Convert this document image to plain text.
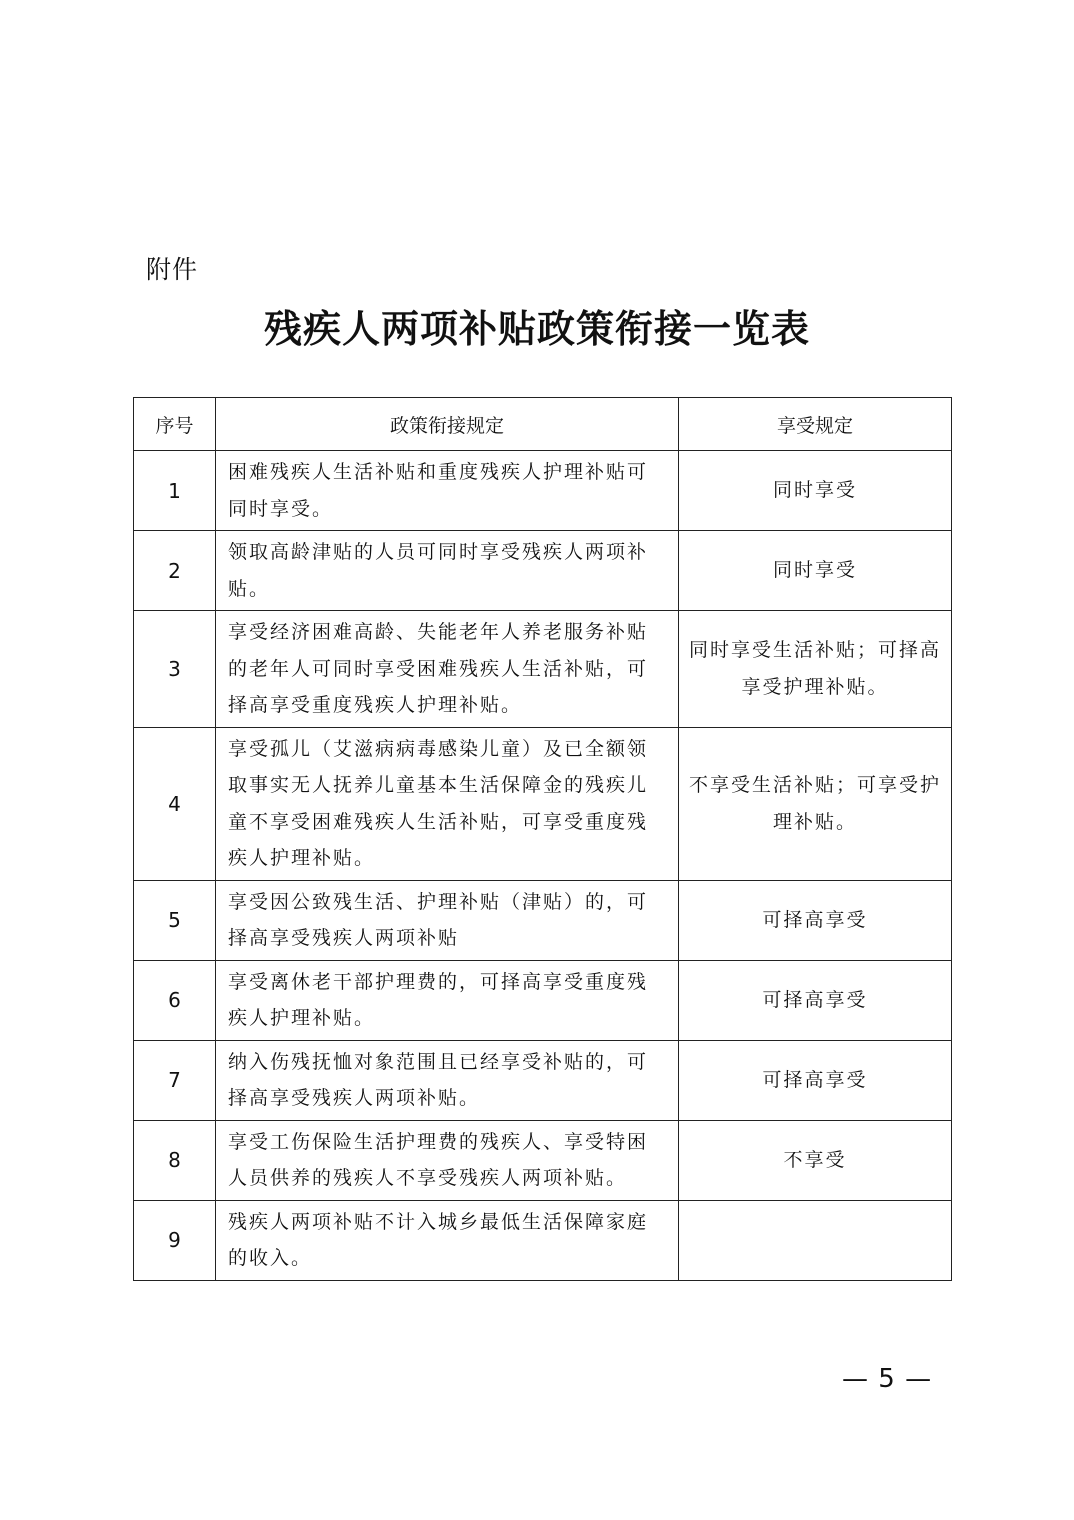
附件
残疾人两项补贴政策衔接一览表
序号	政策衔接规定	享受规定
1	困难残疾人生活补贴和重度残疾人护理补贴可同时享受。	同时享受
2	领取高龄津贴的人员可同时享受残疾人两项补贴。	同时享受
3	享受经济困难高龄、失能老年人养老服务补贴的老年人可同时享受困难残疾人生活补贴，可择高享受重度残疾人护理补贴。	同时享受生活补贴；可择高享受护理补贴。
4	享受孤儿（艾滋病病毒感染儿童）及已全额领取事实无人抚养儿童基本生活保障金的残疾儿童不享受困难残疾人生活补贴，可享受重度残疾人护理补贴。	不享受生活补贴；可享受护理补贴。
5	享受因公致残生活、护理补贴（津贴）的，可择高享受残疾人两项补贴	可择高享受
6	享受离休老干部护理费的，可择高享受重度残疾人护理补贴。	可择高享受
7	纳入伤残抚恤对象范围且已经享受补贴的，可择高享受残疾人两项补贴。	可择高享受
8	享受工伤保险生活护理费的残疾人、享受特困人员供养的残疾人不享受残疾人两项补贴。	不享受
9	残疾人两项补贴不计入城乡最低生活保障家庭的收入。	
— 5 —
